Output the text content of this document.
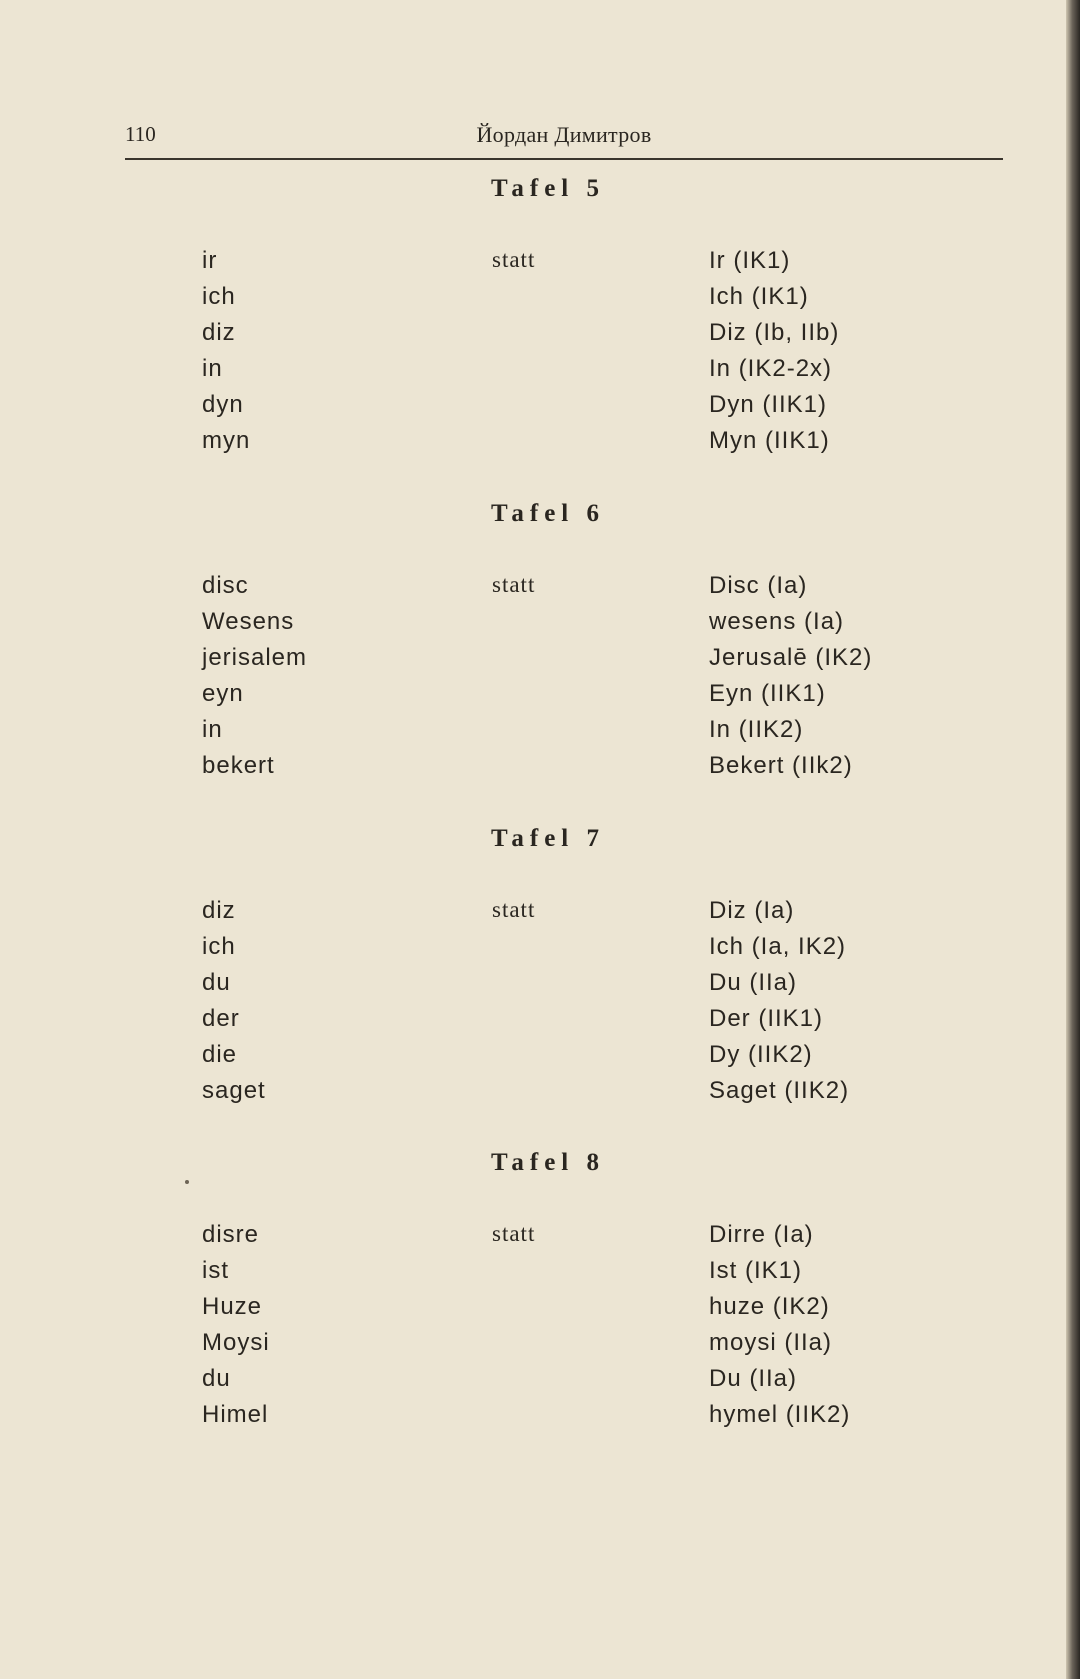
110	Йордан Димитров
Tafel 5
ir	statt	Ir (IK1)
ich	Ich (IK1)
diz	Diz (Ib, IIb)
in	In (IK2-2x)
dyn	Dyn (IIK1)
myn	Myn (IIK1)
Tafel 6
disc	statt	Disc (Ia)
Wesens	wesens (Ia)
jerisalem	Jerusalē (IK2)
eyn	Eyn (IIK1)
in	In (IIK2)
bekert	Bekert (IIk2)
Tafel 7
diz	statt	Diz (Ia)
ich	Ich (Ia, IK2)
du	Du (IIa)
der	Der (IIK1)
die	Dy (IIK2)
saget	Saget (IIK2)
Tafel 8
disre	statt	Dirre (Ia)
ist	Ist (IK1)
Huze	huze (IK2)
Moysi	moysi (IIa)
du	Du (IIa)
Himel	hymel (IIK2)
